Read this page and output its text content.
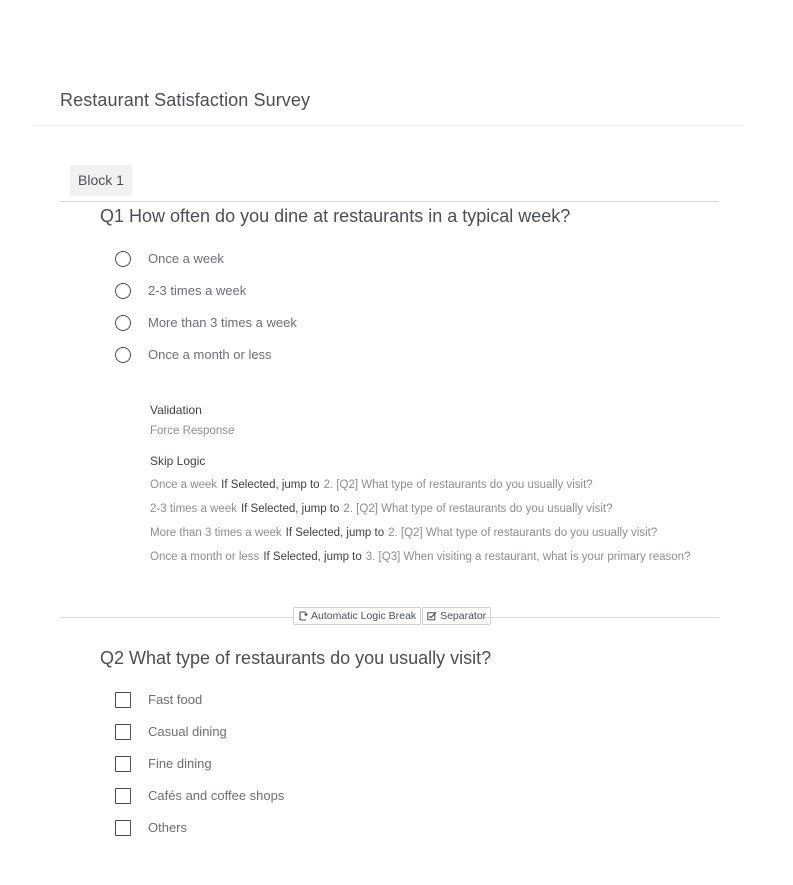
Restaurant Satisfaction Survey
Block 1
Q1 How often do you dine at restaurants in a typical week?
Once a week
2-3 times a week
More than 3 times a week
Once a month or less
Validation
Force Response
Skip Logic
Once a week If Selected, jump to 2. [Q2] What type of restaurants do you usually visit?
2-3 times a week If Selected, jump to 2. [Q2] What type of restaurants do you usually visit?
More than 3 times a week If Selected, jump to 2. [Q2] What type of restaurants do you usually visit?
Once a month or less If Selected, jump to 3. [Q3] When visiting a restaurant, what is your primary reason?
Automatic Logic Break Separator
Q2 What type of restaurants do you usually visit?
Fast food
Casual dining
Fine dining
Cafés and coffee shops
Others
